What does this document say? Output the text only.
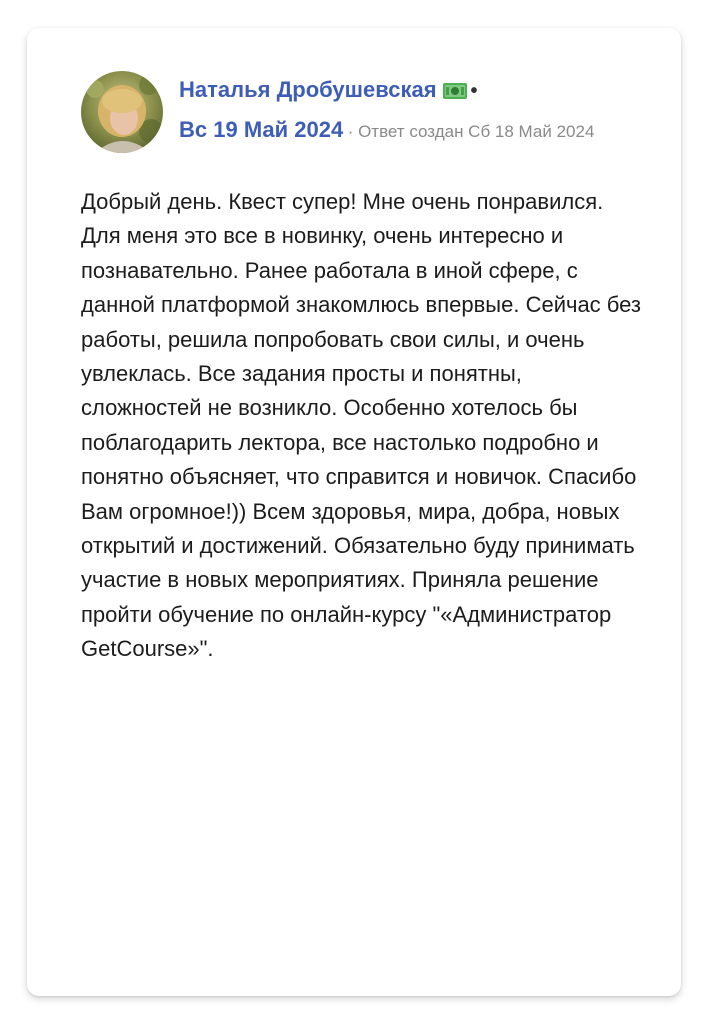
Наталья Дробушевская •
Вс 19 Май 2024 · Ответ создан Сб 18 Май 2024
Добрый день. Квест супер! Мне очень понравился. Для меня это все в новинку, очень интересно и познавательно. Ранее работала в иной сфере, с данной платформой знакомлюсь впервые. Сейчас без работы, решила попробовать свои силы, и очень увлеклась. Все задания просты и понятны, сложностей не возникло. Особенно хотелось бы поблагодарить лектора, все настолько подробно и понятно объясняет, что справится и новичок. Спасибо Вам огромное!)) Всем здоровья, мира, добра, новых открытий и достижений. Обязательно буду принимать участие в новых мероприятиях. Приняла решение пройти обучение по онлайн-курсу "«Администратор GetCourse»".
